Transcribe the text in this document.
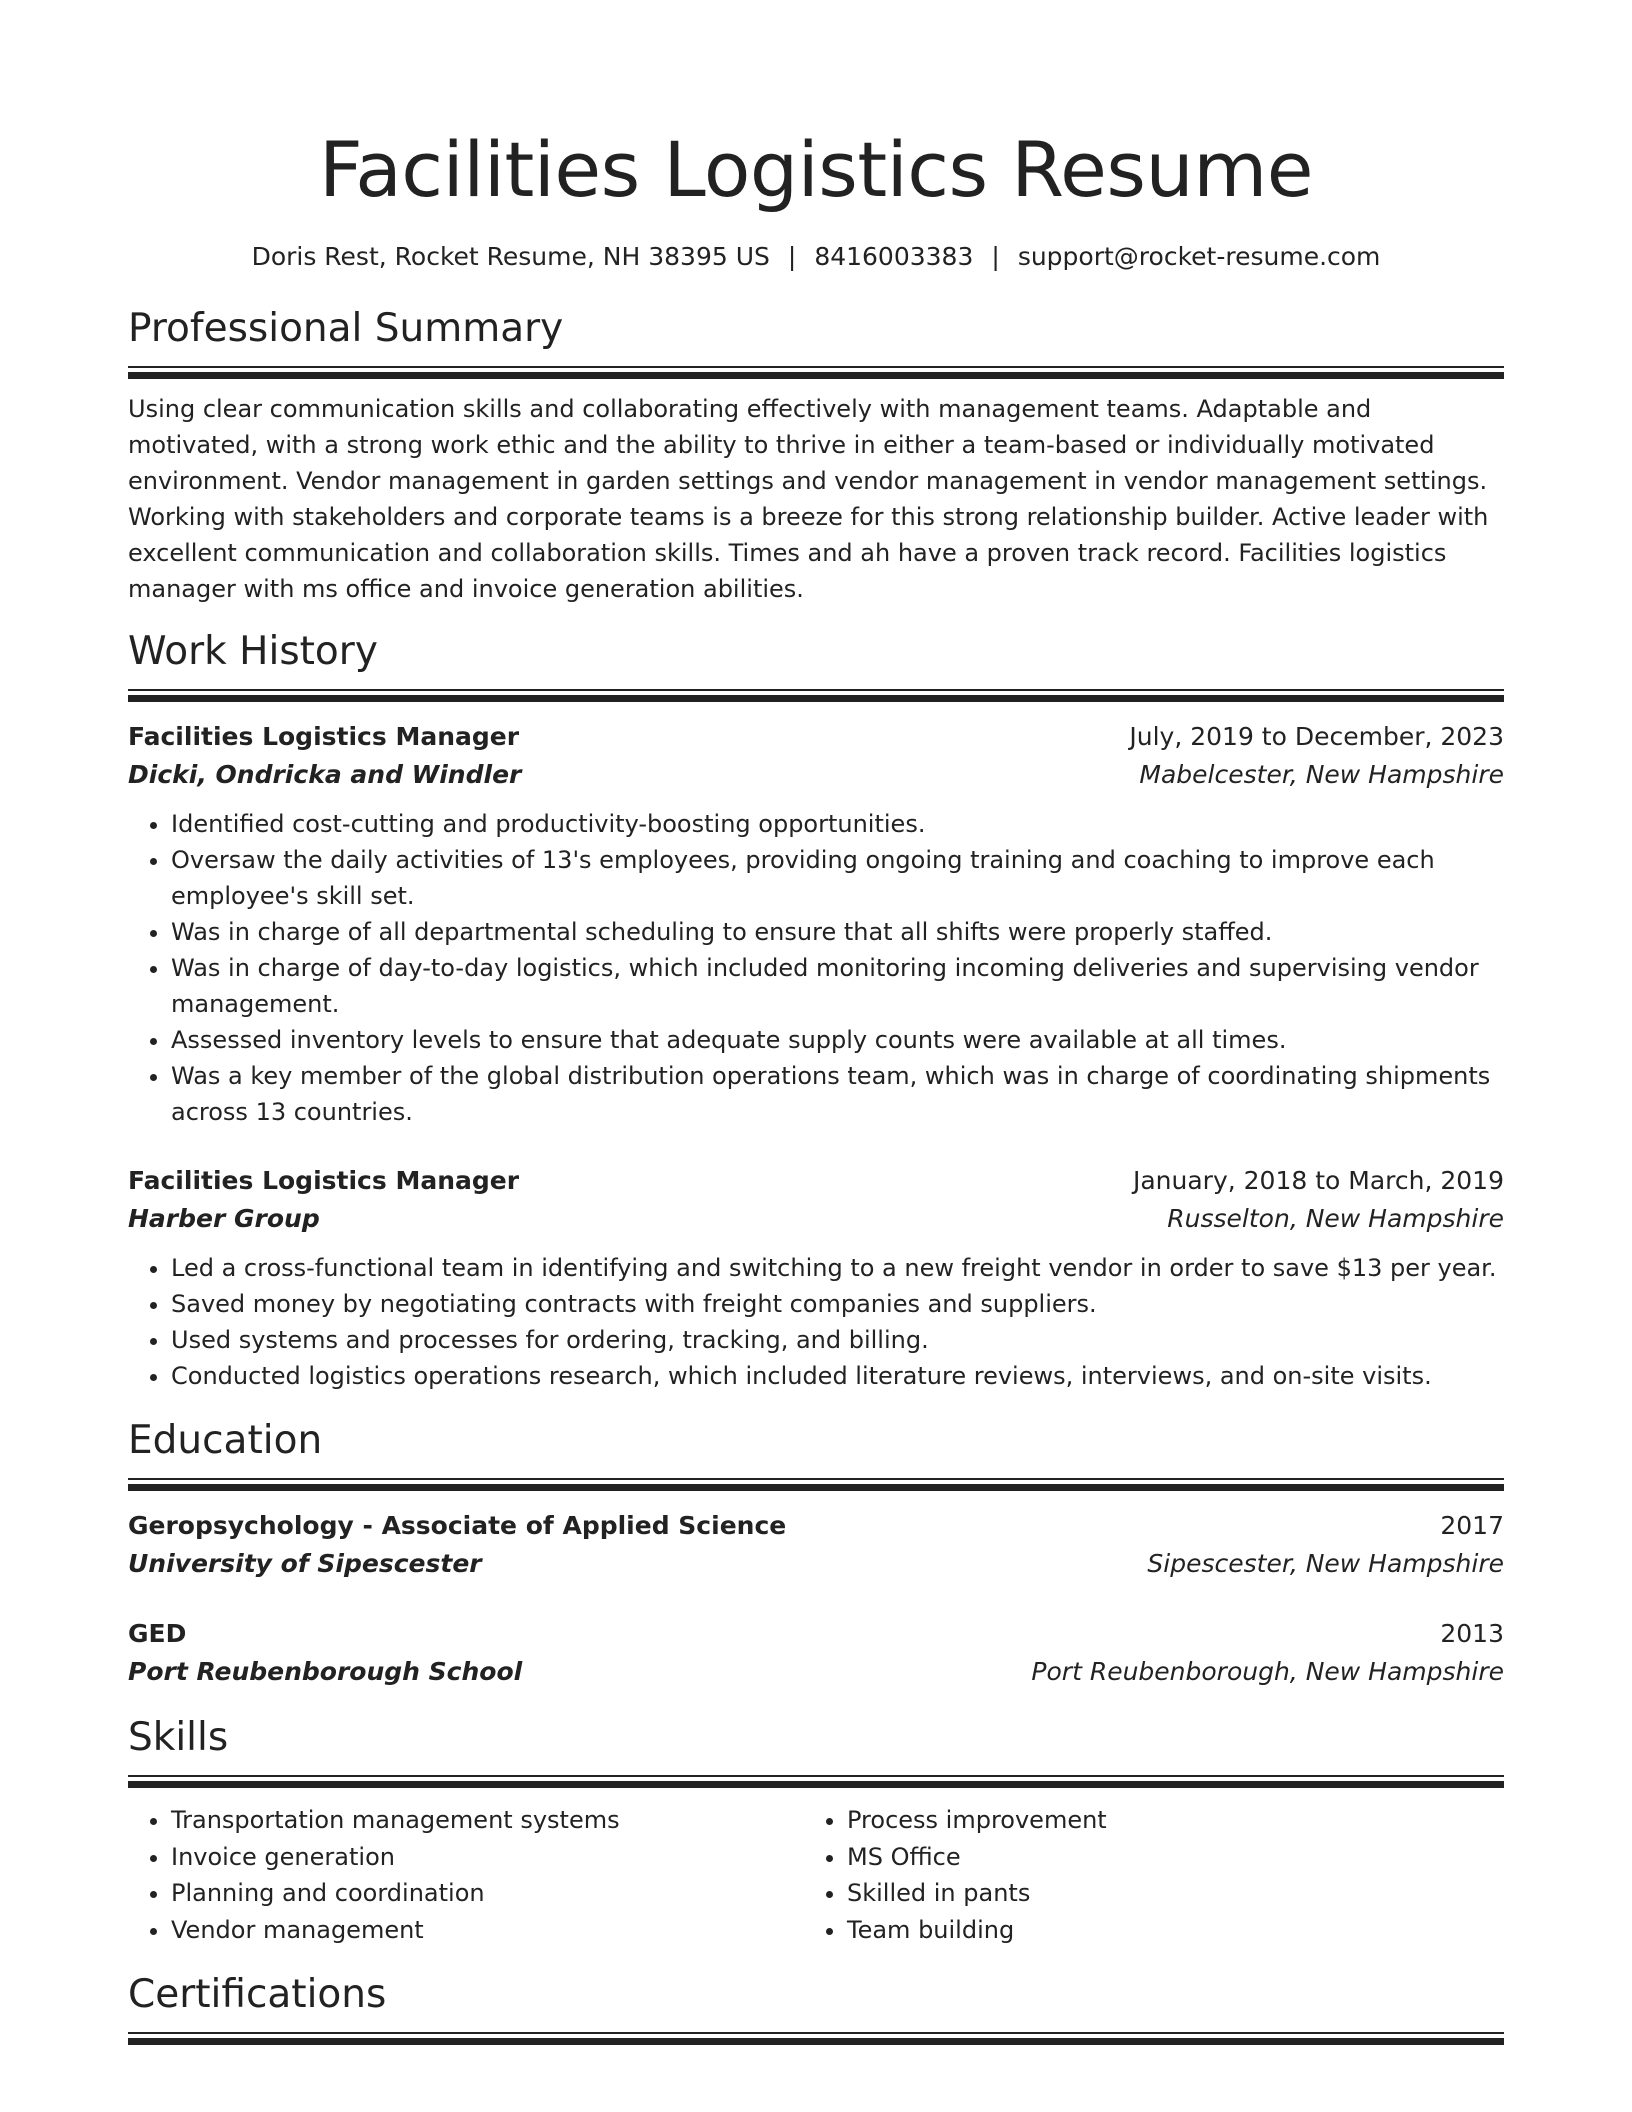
Facilities Logistics Resume
Doris Rest, Rocket Resume, NH 38395 US | 8416003383 | support@rocket-resume.com
Professional Summary
Using clear communication skills and collaborating effectively with management teams. Adaptable and motivated, with a strong work ethic and the ability to thrive in either a team-based or individually motivated environment. Vendor management in garden settings and vendor management in vendor management settings. Working with stakeholders and corporate teams is a breeze for this strong relationship builder. Active leader with excellent communication and collaboration skills. Times and ah have a proven track record. Facilities logistics manager with ms office and invoice generation abilities.
Work History
Facilities Logistics Manager	July, 2019 to December, 2023
Dicki, Ondricka and Windler	Mabelcester, New Hampshire
• Identified cost-cutting and productivity-boosting opportunities.
• Oversaw the daily activities of 13's employees, providing ongoing training and coaching to improve each employee's skill set.
• Was in charge of all departmental scheduling to ensure that all shifts were properly staffed.
• Was in charge of day-to-day logistics, which included monitoring incoming deliveries and supervising vendor management.
• Assessed inventory levels to ensure that adequate supply counts were available at all times.
• Was a key member of the global distribution operations team, which was in charge of coordinating shipments across 13 countries.
Facilities Logistics Manager	January, 2018 to March, 2019
Harber Group	Russelton, New Hampshire
• Led a cross-functional team in identifying and switching to a new freight vendor in order to save $13 per year.
• Saved money by negotiating contracts with freight companies and suppliers.
• Used systems and processes for ordering, tracking, and billing.
• Conducted logistics operations research, which included literature reviews, interviews, and on-site visits.
Education
Geropsychology - Associate of Applied Science	2017
University of Sipescester	Sipescester, New Hampshire
GED	2013
Port Reubenborough School	Port Reubenborough, New Hampshire
Skills
• Transportation management systems
• Invoice generation
• Planning and coordination
• Vendor management
• Process improvement
• MS Office
• Skilled in pants
• Team building
Certifications
